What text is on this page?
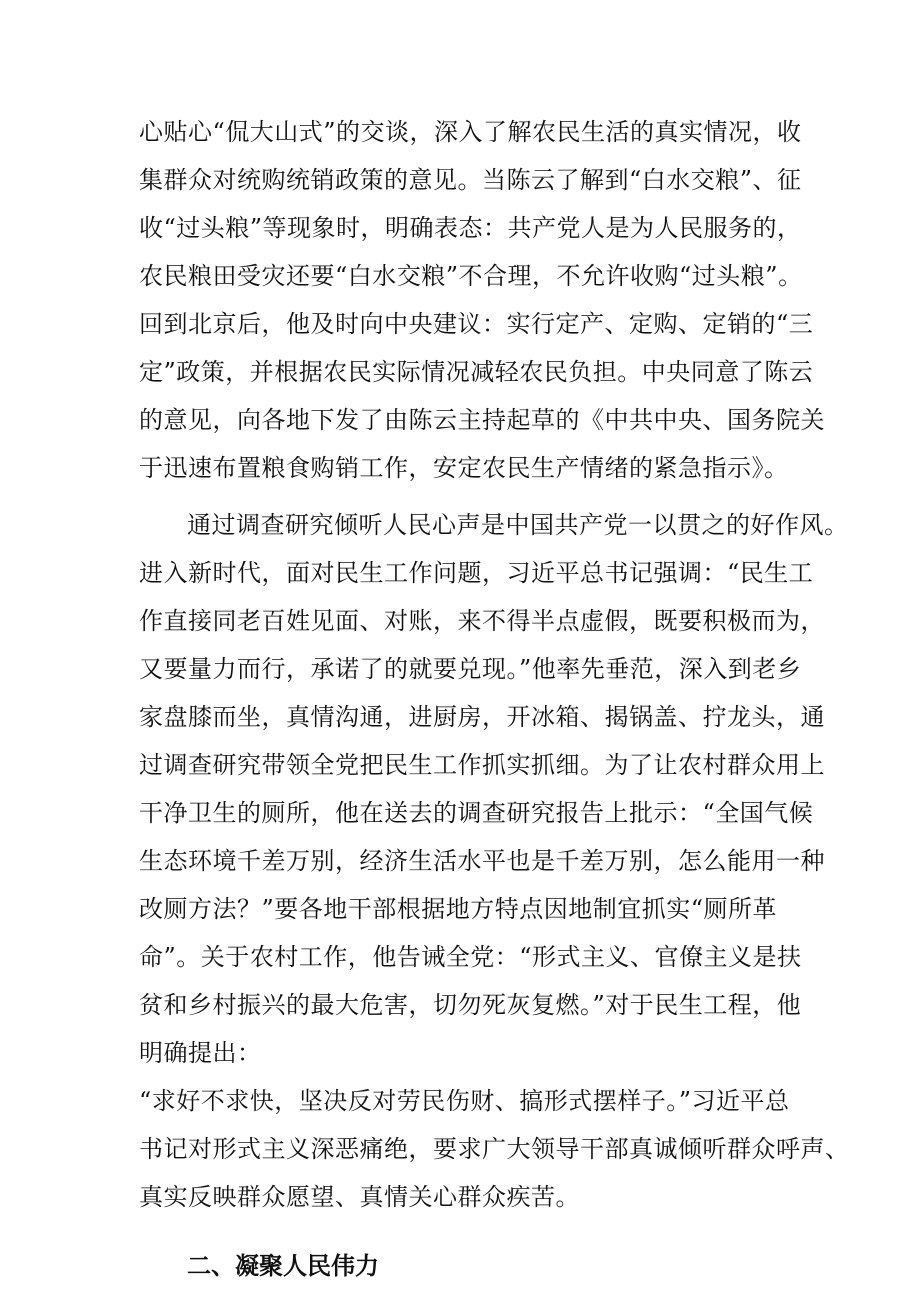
心贴心“侃大山式”的交谈，深入了解农民生活的真实情况，收
集群众对统购统销政策的意见。当陈云了解到“白水交粮”、征
收“过头粮”等现象时，明确表态：共产党人是为人民服务的，
农民粮田受灾还要“白水交粮”不合理，不允许收购“过头粮”。
回到北京后，他及时向中央建议：实行定产、定购、定销的“三
定”政策，并根据农民实际情况减轻农民负担。中央同意了陈云
的意见，向各地下发了由陈云主持起草的《中共中央、国务院关
于迅速布置粮食购销工作，安定农民生产情绪的紧急指示》。
通过调查研究倾听人民心声是中国共产党一以贯之的好作风。
进入新时代，面对民生工作问题，习近平总书记强调：“民生工
作直接同老百姓见面、对账，来不得半点虚假，既要积极而为，
又要量力而行，承诺了的就要兑现。”他率先垂范，深入到老乡
家盘膝而坐，真情沟通，进厨房，开冰箱、揭锅盖、拧龙头，通
过调查研究带领全党把民生工作抓实抓细。为了让农村群众用上
干净卫生的厕所，他在送去的调查研究报告上批示：“全国气候
生态环境千差万别，经济生活水平也是千差万别，怎么能用一种
改厕方法？”要各地干部根据地方特点因地制宜抓实“厕所革
命”。关于农村工作，他告诫全党：“形式主义、官僚主义是扶
贫和乡村振兴的最大危害，切勿死灰复燃。”对于民生工程，他
明确提出：
“求好不求快，坚决反对劳民伤财、搞形式摆样子。”习近平总
书记对形式主义深恶痛绝，要求广大领导干部真诚倾听群众呼声、
真实反映群众愿望、真情关心群众疾苦。
二、凝聚人民伟力
